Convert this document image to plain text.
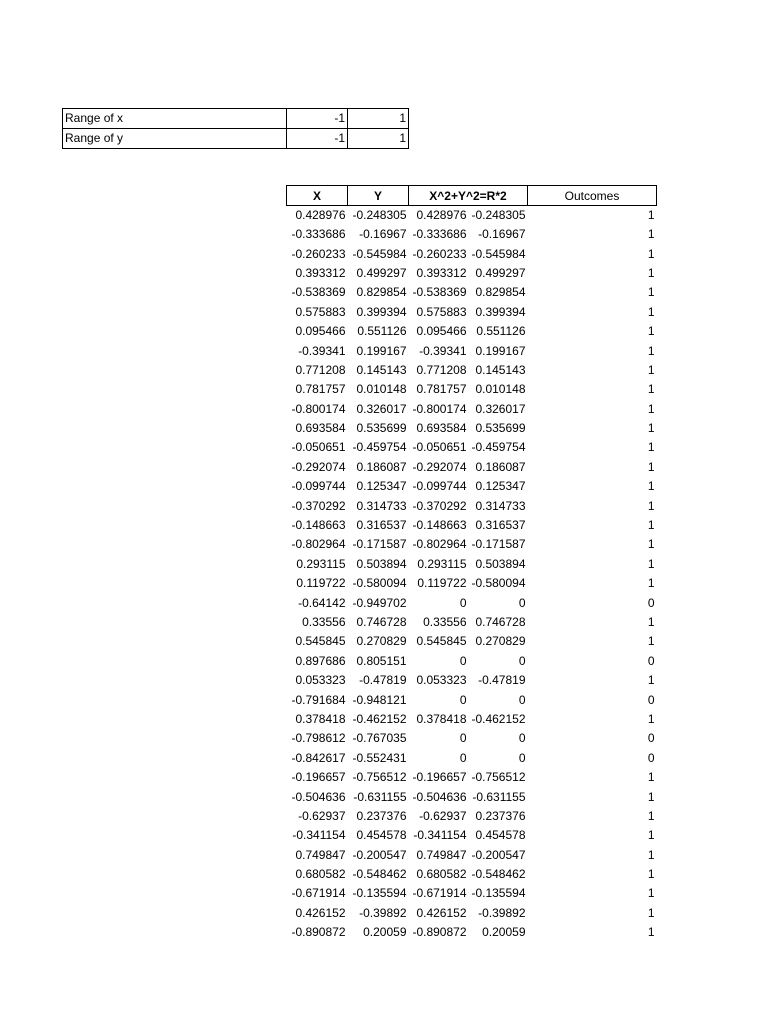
Range of x	-1	1
Range of y	-1	1
X	Y	X^2+Y^2=R*2		Outcomes
0.428976	-0.248305	0.428976	-0.248305	1
-0.333686	-0.16967	-0.333686	-0.16967	1
-0.260233	-0.545984	-0.260233	-0.545984	1
0.393312	0.499297	0.393312	0.499297	1
-0.538369	0.829854	-0.538369	0.829854	1
0.575883	0.399394	0.575883	0.399394	1
0.095466	0.551126	0.095466	0.551126	1
-0.39341	0.199167	-0.39341	0.199167	1
0.771208	0.145143	0.771208	0.145143	1
0.781757	0.010148	0.781757	0.010148	1
-0.800174	0.326017	-0.800174	0.326017	1
0.693584	0.535699	0.693584	0.535699	1
-0.050651	-0.459754	-0.050651	-0.459754	1
-0.292074	0.186087	-0.292074	0.186087	1
-0.099744	0.125347	-0.099744	0.125347	1
-0.370292	0.314733	-0.370292	0.314733	1
-0.148663	0.316537	-0.148663	0.316537	1
-0.802964	-0.171587	-0.802964	-0.171587	1
0.293115	0.503894	0.293115	0.503894	1
0.119722	-0.580094	0.119722	-0.580094	1
-0.64142	-0.949702	0	0	0
0.33556	0.746728	0.33556	0.746728	1
0.545845	0.270829	0.545845	0.270829	1
0.897686	0.805151	0	0	0
0.053323	-0.47819	0.053323	-0.47819	1
-0.791684	-0.948121	0	0	0
0.378418	-0.462152	0.378418	-0.462152	1
-0.798612	-0.767035	0	0	0
-0.842617	-0.552431	0	0	0
-0.196657	-0.756512	-0.196657	-0.756512	1
-0.504636	-0.631155	-0.504636	-0.631155	1
-0.62937	0.237376	-0.62937	0.237376	1
-0.341154	0.454578	-0.341154	0.454578	1
0.749847	-0.200547	0.749847	-0.200547	1
0.680582	-0.548462	0.680582	-0.548462	1
-0.671914	-0.135594	-0.671914	-0.135594	1
0.426152	-0.39892	0.426152	-0.39892	1
-0.890872	0.20059	-0.890872	0.20059	1
